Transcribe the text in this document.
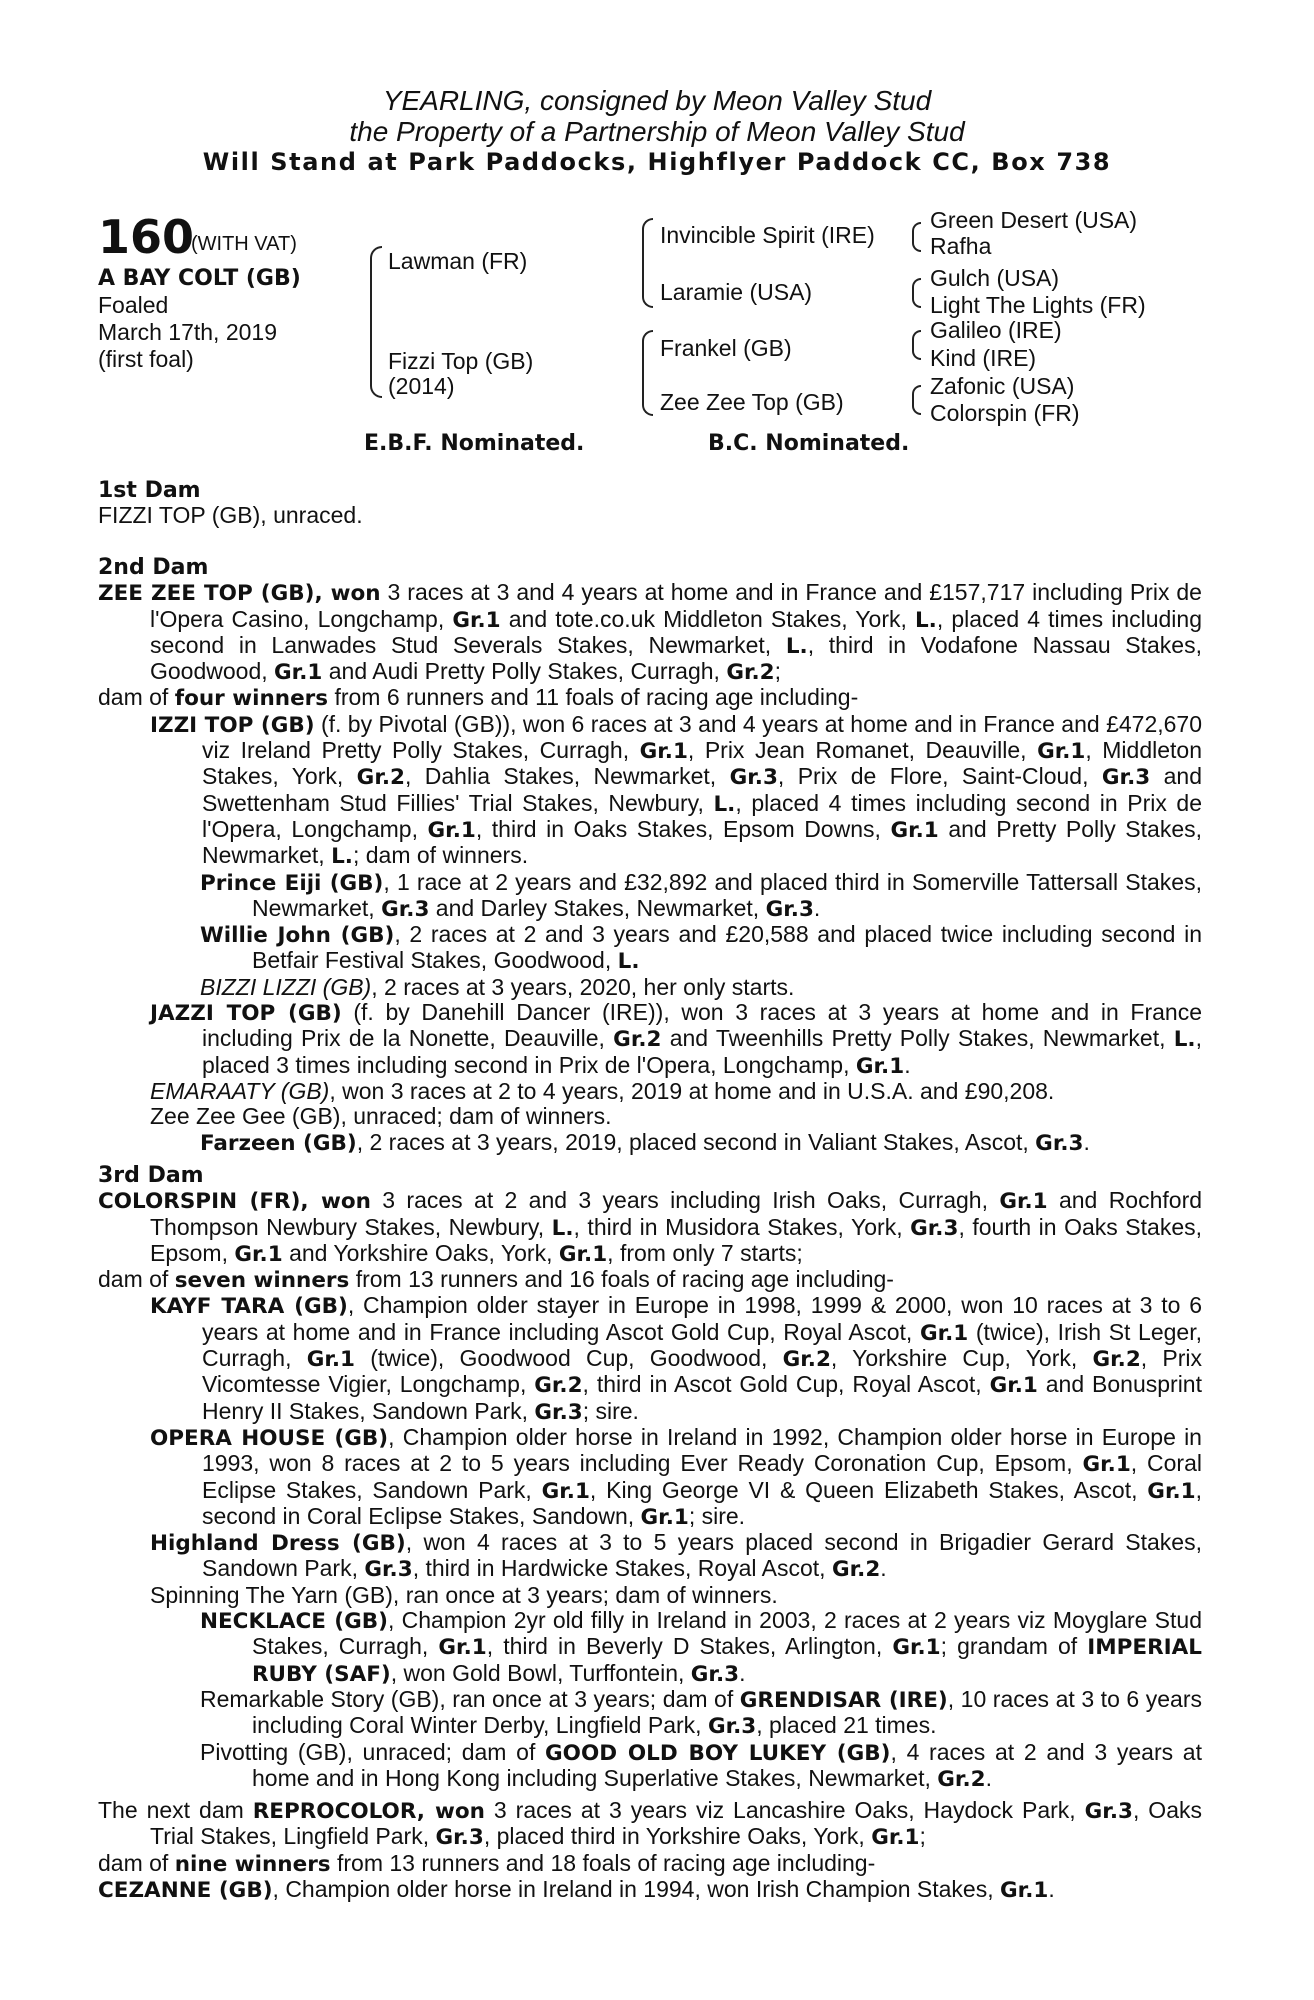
YEARLING, consigned by Meon Valley Stud
the Property of a Partnership of Meon Valley Stud
Will Stand at Park Paddocks, Highflyer Paddock CC, Box 738
160
(WITH VAT)
A BAY COLT (GB)
Foaled
March 17th, 2019
(first foal)
Lawman (FR)
Fizzi Top (GB)
(2014)
Invincible Spirit (IRE)
Laramie (USA)
Frankel (GB)
Zee Zee Top (GB)
Green Desert (USA)
Rafha
Gulch (USA)
Light The Lights (FR)
Galileo (IRE)
Kind (IRE)
Zafonic (USA)
Colorspin (FR)
E.B.F. Nominated.	B.C. Nominated.

1st Dam

FIZZI TOP (GB), unraced.

2nd Dam

ZEE ZEE TOP (GB), won 3 races at 3 and 4 years at home and in France and £157,717 including Prix de l'Opera Casino, Longchamp, Gr.1 and tote.co.uk Middleton Stakes, York, L., placed 4 times including second in Lanwades Stud Severals Stakes, Newmarket, L., third in Vodafone Nassau Stakes, Goodwood, Gr.1 and Audi Pretty Polly Stakes, Curragh, Gr.2;

dam of four winners from 6 runners and 11 foals of racing age including-

IZZI TOP (GB) (f. by Pivotal (GB)), won 6 races at 3 and 4 years at home and in France and £472,670 viz Ireland Pretty Polly Stakes, Curragh, Gr.1, Prix Jean Romanet, Deauville, Gr.1, Middleton Stakes, York, Gr.2, Dahlia Stakes, Newmarket, Gr.3, Prix de Flore, Saint-Cloud, Gr.3 and Swettenham Stud Fillies' Trial Stakes, Newbury, L., placed 4 times including second in Prix de l'Opera, Longchamp, Gr.1, third in Oaks Stakes, Epsom Downs, Gr.1 and Pretty Polly Stakes, Newmarket, L.; dam of winners.

Prince Eiji (GB), 1 race at 2 years and £32,892 and placed third in Somerville Tattersall Stakes, Newmarket, Gr.3 and Darley Stakes, Newmarket, Gr.3.

Willie John (GB), 2 races at 2 and 3 years and £20,588 and placed twice including second in Betfair Festival Stakes, Goodwood, L.

BIZZI LIZZI (GB), 2 races at 3 years, 2020, her only starts.

JAZZI TOP (GB) (f. by Danehill Dancer (IRE)), won 3 races at 3 years at home and in France including Prix de la Nonette, Deauville, Gr.2 and Tweenhills Pretty Polly Stakes, Newmarket, L., placed 3 times including second in Prix de l'Opera, Longchamp, Gr.1.

EMARAATY (GB), won 3 races at 2 to 4 years, 2019 at home and in U.S.A. and £90,208.

Zee Zee Gee (GB), unraced; dam of winners.

Farzeen (GB), 2 races at 3 years, 2019, placed second in Valiant Stakes, Ascot, Gr.3.

3rd Dam

COLORSPIN (FR), won 3 races at 2 and 3 years including Irish Oaks, Curragh, Gr.1 and Rochford Thompson Newbury Stakes, Newbury, L., third in Musidora Stakes, York, Gr.3, fourth in Oaks Stakes, Epsom, Gr.1 and Yorkshire Oaks, York, Gr.1, from only 7 starts;

dam of seven winners from 13 runners and 16 foals of racing age including-

KAYF TARA (GB), Champion older stayer in Europe in 1998, 1999 & 2000, won 10 races at 3 to 6 years at home and in France including Ascot Gold Cup, Royal Ascot, Gr.1 (twice), Irish St Leger, Curragh, Gr.1 (twice), Goodwood Cup, Goodwood, Gr.2, Yorkshire Cup, York, Gr.2, Prix Vicomtesse Vigier, Longchamp, Gr.2, third in Ascot Gold Cup, Royal Ascot, Gr.1 and Bonusprint Henry II Stakes, Sandown Park, Gr.3; sire.

OPERA HOUSE (GB), Champion older horse in Ireland in 1992, Champion older horse in Europe in 1993, won 8 races at 2 to 5 years including Ever Ready Coronation Cup, Epsom, Gr.1, Coral Eclipse Stakes, Sandown Park, Gr.1, King George VI & Queen Elizabeth Stakes, Ascot, Gr.1, second in Coral Eclipse Stakes, Sandown, Gr.1; sire.

Highland Dress (GB), won 4 races at 3 to 5 years placed second in Brigadier Gerard Stakes, Sandown Park, Gr.3, third in Hardwicke Stakes, Royal Ascot, Gr.2.

Spinning The Yarn (GB), ran once at 3 years; dam of winners.

NECKLACE (GB), Champion 2yr old filly in Ireland in 2003, 2 races at 2 years viz Moyglare Stud Stakes, Curragh, Gr.1, third in Beverly D Stakes, Arlington, Gr.1; grandam of IMPERIAL RUBY (SAF), won Gold Bowl, Turffontein, Gr.3.

Remarkable Story (GB), ran once at 3 years; dam of GRENDISAR (IRE), 10 races at 3 to 6 years including Coral Winter Derby, Lingfield Park, Gr.3, placed 21 times.

Pivotting (GB), unraced; dam of GOOD OLD BOY LUKEY (GB), 4 races at 2 and 3 years at home and in Hong Kong including Superlative Stakes, Newmarket, Gr.2.

The next dam REPROCOLOR, won 3 races at 3 years viz Lancashire Oaks, Haydock Park, Gr.3, Oaks Trial Stakes, Lingfield Park, Gr.3, placed third in Yorkshire Oaks, York, Gr.1;

dam of nine winners from 13 runners and 18 foals of racing age including-

CEZANNE (GB), Champion older horse in Ireland in 1994, won Irish Champion Stakes, Gr.1.
